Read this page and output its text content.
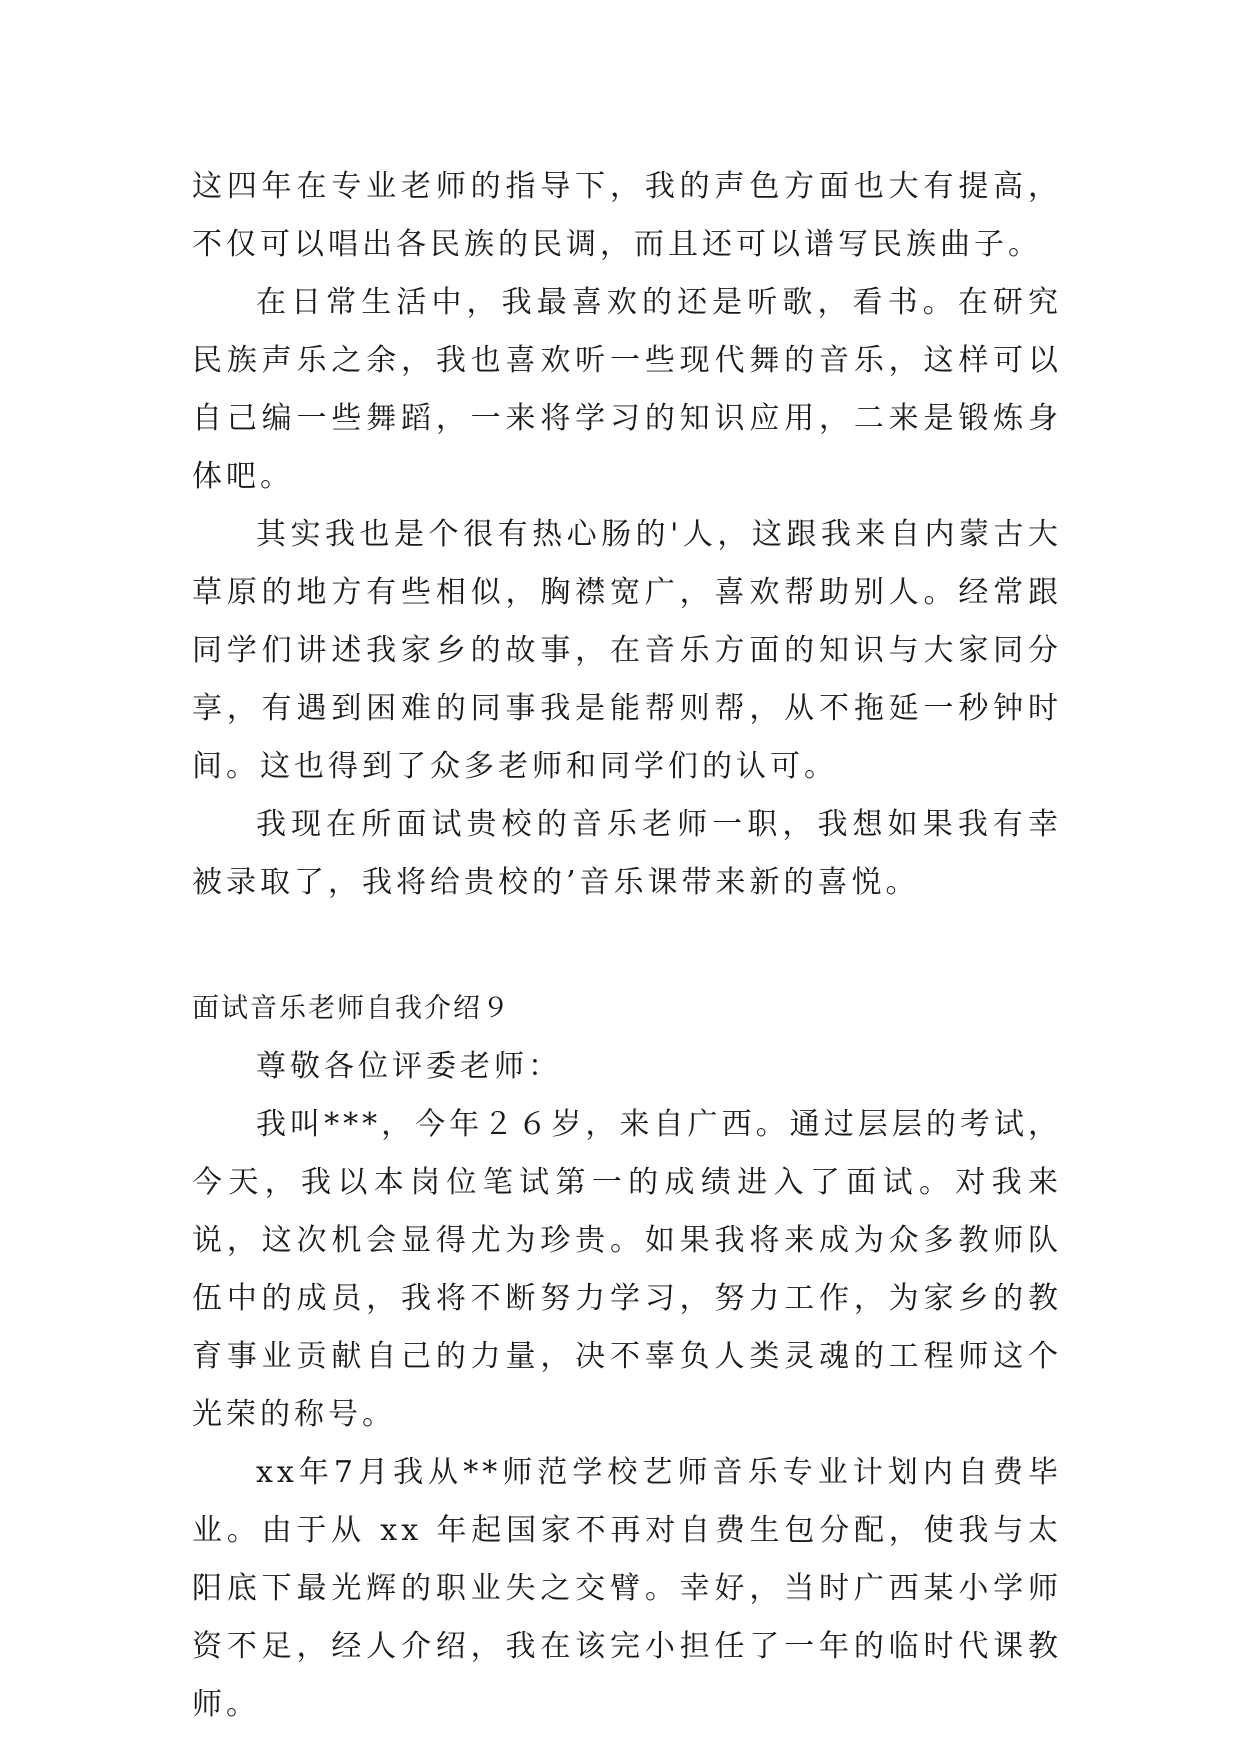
这四年在专业老师的指导下，我的声色方面也大有提高，不仅可以唱出各民族的民调，而且还可以谱写民族曲子。

在日常生活中，我最喜欢的还是听歌，看书。在研究民族声乐之余，我也喜欢听一些现代舞的音乐，这样可以自己编一些舞蹈，一来将学习的知识应用，二来是锻炼身体吧。

其实我也是个很有热心肠的'人，这跟我来自内蒙古大草原的地方有些相似，胸襟宽广，喜欢帮助别人。经常跟同学们讲述我家乡的故事，在音乐方面的知识与大家同分享，有遇到困难的同事我是能帮则帮，从不拖延一秒钟时间。这也得到了众多老师和同学们的认可。

我现在所面试贵校的音乐老师一职，我想如果我有幸被录取了，我将给贵校的’音乐课带来新的喜悦。

面试音乐老师自我介绍９

尊敬各位评委老师：

我叫***，今年２６岁，来自广西。通过层层的考试，今天，我以本岗位笔试第一的成绩进入了面试。对我来说，这次机会显得尤为珍贵。如果我将来成为众多教师队伍中的成员，我将不断努力学习，努力工作，为家乡的教育事业贡献自己的力量，决不辜负人类灵魂的工程师这个光荣的称号。

xx年7月我从**师范学校艺师音乐专业计划内自费毕业。由于从 xx 年起国家不再对自费生包分配，使我与太阳底下最光辉的职业失之交臂。幸好，当时广西某小学师资不足，经人介绍，我在该完小担任了一年的临时代课教师。
